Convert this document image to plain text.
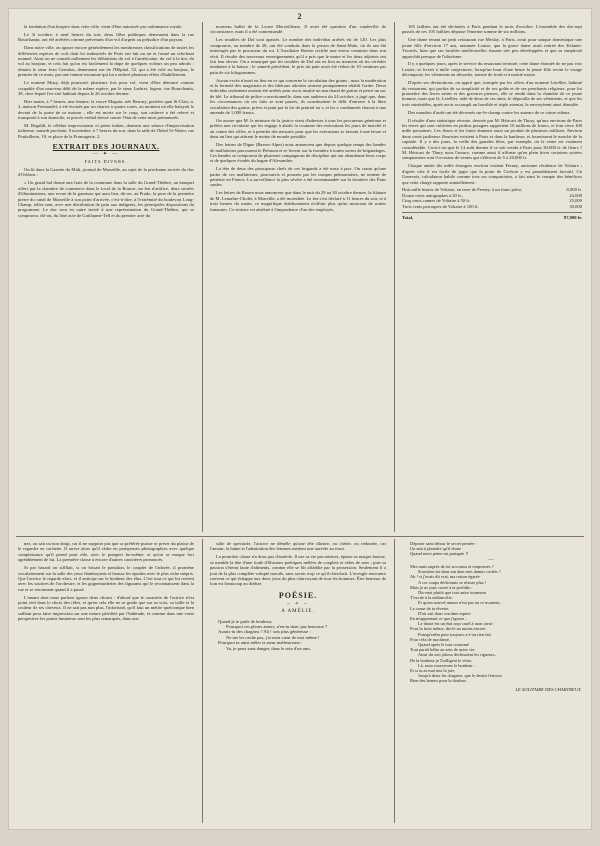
2

la fondation d'un hospice dans cette ville, vient d'être autorisée par ordonnance royale.

Le 3i octobre, à neuf heures du soir, deux filles publiques demeurant dans la rue Bourchanin, ont été arrêtées comme prévenues d'un vol d'argent au préjudice d'un paysan.

Dans notre ville, on ignore encore généralement les nombreuses classifications de toutes les différentes espèces de vols dont les industriels de Paris ont fait un art et formé un scholasat manuel. Ainsi on ne connaît nullement les définitions du vol à l'américaine, du vol à la tire, du vol au bonjour, et cela fait qu'on est facilement la dupe de quelques voleurs un peu adroits : témoin le sieur Jean Grandon, demeurant rue de l'Hôpital, 52, qui a été volé au bonjour, le premier de ce mois, par une femme inconnue qui lui a enlevé plusieurs effets d'habillement.

Le nommé Muzy, déjà poursuivi plusieurs fois pour vol, vient d'être dénoncé comme coupable d'un nouveau délit de la même espèce, par le sieur Larbret, logeur, rue Bourchanin, 28, chez lequel l'ex-cité habitait depuis le 26 octobre dernier.

Hier matin, à 7 heures, une femme, la veuve Magnin, née Berrary, portière quai St-Clair, n. 2, maison Fermaudel, a été écrasée par un chariot à quatre roues, au moment où elle balayait le devant de la porte de sa maison ; elle est morte sur le coup, son cadavre a été relevé et transporté à son domicile, et procès-verbal dressé contre l'état de cette mort prématurée.

M. Regaldi, le célèbre improvisateur et poète italien, donnera une séance d'improvisation italienne, samedi prochain, 9 novembre, à 7 heures du soir, dans la salle de l'hôtel St-Nizier, rue Poulaillerie, 19, et place de la Fromagerie, 2.

EXTRAIT DES JOURNAUX.
— ✦ —
FAITS DIVERS.

On lit dans la Gazette du Midi, journal de Marseille, au sujet de la prochaine arrivée du duc d'Orléans :

« Un grand bal donné aux frais de la commune dans la salle du Grand-Théâtre, un banquet offert par la chambre de commerce dans le local de la Bourse, un feu d'artifice, deux soirées d'illuminations, une revue de la garnison qui aura lieu, dit-on, au Prado, la pose de la première pierre du canal de Marseille à son point d'arrivée, c'est-à-dire, à l'extrémité du boulevart Long-Champ, telles sont, avec une distribution de pain aux indigents, les principales dispositions du programme. Le duc sera en outre invité à une représentation du Grand-Théâtre, qui se composera, dit-on, du 3me acte de Guillaume-Tell et du premier acte du

nouveau ballet de la Louve Merveilleuse. Il avait été question d'un vaudeville de circonstance, mais il a été contremandé.

Les troubles de Dol sont apaisés. Le nombre des individus arrêtés est de 120. Les plus compromis, au nombre de 28, ont été conduits dans la prison de Saint-Malo, où ils ont été interrogés par le procureur du roi. L'Auxiliaire Breton rectifie une erreur commise dans son récit. Il résulte des nouveaux renseignements qu'il a pris que le maire et les deux adjoints ont fait leur devoir. On a remarqué que les troubles de Dol ont eu lieu au moment où les céréales tendaient à la baisse ; le samedi précédent, le prix du pain avait été réduit de 10 centimes par pain de six kilogrammes.

Aucun excès n'avait eu lieu en ce qui concerne la circulation des grains ; mais la modération et la fermeté des magistrats et des libéraux adroites avaient promptement rétabli l'ordre. Deux individus seulement avaient été arrêtés pour avoir insulté un marchand de grains et percé un sac de blé. Le tribunal de police correctionnelle, dans son audience du 24 octobre, a jugé que, dans les circonstances où ces faits se sont passés, ils constituaient le délit d'entrave à la libre circulation des grains, prévu et puni par la loi de prairial an v, et les a condamnés chacun à une amende de 1,000 francs.

On assure que M. le ministre de la justice vient d'adresser à tous les procureurs généraux et préfets une circulaire qui les engage à abolir la coutume des exécutions les jours de marché et au centre des villes, et à prendre des mesures pour que les exécutions se fassent à une heure et dans un lieu qui attirent le moins de monde possible.

Des lettres de Digne (Basses-Alpes) nous annoncent que depuis quelque temps des bandes de malfaiteurs parcourent le Piémont et se livrent sur la frontière à toutes sortes de brigandages. Ces bandes se composent de plusieurs compagnons de discipline qui ont abandonné leurs corps et de quelques évadés du bagne d'Alexandrie.

La tête de deux des principaux chefs de ces brigands a été mise à prix. On craint qu'une partie de ces malfaiteurs, poursuivis et poussés par les troupes piémontaises, ne tentent de pénétrer en France. La surveillance la plus sévère a été recommandée sur la frontière des États sardes.

Les lettres de Rouen nous annoncent que dans la nuit du 29 au 30 octobre dernier, la filature de M. Lemaître-Cholet, à Monville, a été incendiée. Le feu s'est déclaré à 11 heures du soir, et à trois heures du matin, ce magnifique établissement n'offrait plus qu'un monceau de ruines fumantes. Ce sinistre est attribué à l'imprudence d'un des employés.

105 faillites ont été déclarées à Paris pendant le mois d'octobre. L'ensemble des dix-sept passifs de ces 105 faillites dépasse l'énorme somme de six millions.

Une dame tenant un petit restaurant rue Meslay, à Paris, avait pour unique domestique une jeune fille d'environ 17 ans, nommée Louise, que la grave dame avait retirée des Enfants-Trouvés, bien que ses facultés intellectuelles fussent très peu développées et que sa simplicité approchât presque de l'idiotisme.

Il y a quelques jours, après le service du restaurant terminé, cette dame étonnée de ne pas voir Louise, se livrait à mille conjectures, lorsqu'un bout d'une heure la jeune fille revint le visage décomposé, les vêtements en désordre, transie de froid et à moitié morte.

D'après ses déclarations, on apprit que, trompée par les offres d'un nommé Letellier, habitué du restaurant, qui profita de sa simplicité et de ses goûts et de ses penchants religieux, pour lui promettre des livres saints et des gravures pieuses, elle se rendit dans la chambre de ce jeune homme, mais que là, Letellier, aidé de deux de ses amis, le dépouilla de ses vêtements, et que les trois misérables, après avoir accompli un horrible et triple attentat, la renvoyèrent ainsi dénudée.

Des mandats d'arrêt ont été décernés sur-le-champ contre les auteurs de ce crime odieux.

Il résulte d'une statistique récente, dressée par M. Héricart de Thury, qu'aux environs de Paris les terres qui sont cultivées en jardins potagers rapportent 10 millions de francs, et font vivre 100 mille personnes. Les fleurs et les fruits donnent aussi un produit de plusieurs millions. Environ deux cents jardiniers fleuristes existent à Paris et dans la banlieue, et fournissent le marché de la capitale. Il y a des jours, la veille des grandes fêtes, par exemple, où la vente est vraiment considérable. Crois-t-on que le 14 août dernier il se soit vendu à Paris pour 30,000 fr. de fleurs ? M. Héricart de Thury nous l'assure, comme aussi il affirme qu'en plein hiver certaines soirées somptueuses sont l'occasion de ventes qui s'élèvent de 5 à 20,000 fr.

Chaque année dix mille étrangers environ visitent Ferney, ancienne résidence de Voltaire ; d'après cela il est facile de juger que la porte de Cicéron y est passablement lucratif. Un Genevois, calculateur habile comme tous ses compatriotes, a fait ainsi le compte des bénéfices que cette charge rapporte annuellement :

Huit mille bustes de Voltaire, en terre de Ferney, à un franc pièce,	8,000 fr.
Douze cents autographes à 20 fr.,	24,000
Cinq cents cannes de Voltaire à 50 fr.	25,000
Trois cents perruques de Voltaire à 100 fr.	30,000
Total,	87,000 fr.

nez, on sait ou non doigt, car il ne suppose pas que sa préférée puisse se priver du plaisir de le regarder en cachette. Il arrive alors qu'il cèdre en pompeuses photographies avec quelque complaisance qu'il prend pour elle, avec le pompier lui-même, et qu'on se moque fort agréablement de lui. La première classe a encore d'autres caractères prononcés.

Si par hasard on siffllait, si on brisait le pantalon, le couplet de l'adorée, il promène circulairement sur la salle des yeux flamboyants et hausse les épaules avec le plus riche mépris. Que l'actrice le regarde alors, et il anticipe sur le bonheur des élus. C'est tout ce qui lui revient avec les sourires de l'orchestre, et les gognenarderies des figurants qui le reconnaissent dans la rue et se retournent quand il a passé.

L'amant dont nous parlons ignore deux choses : d'abord que le caractère de l'actrice n'est point réel dans le choix des rôles, et qu'en cela elle ne se guide que sur sa voix, sa taille et la couleur de ses cheveux. Il ne sait pas non plus, l'infortuné, qu'il faut un mérite quelconque bien saillant pour faire impression sur une nature pétrifiée par l'habitude, et comme dans une vaste perspective les points lumineux sont les plus remarqués, dans une

salle de spectacle, l'actrice ne démêle qu'une tête illustre, ou chérie, ou redoutée, car l'amour, la haine et l'admiration des femmes mettent une auréole au front.

La première classe n'a donc pas d'auréole. Il use sa vie par misères, épuise sa maigre bourse, se meuble la tête d'une foule d'illusions poétiques mêlées de couplets et vides de sens ; puis sa passion s'éteint faute d'aliments, comme elle se fût affaiblie par la possession. Seulement il a joui de la plus complète volupté morale, sans savoir trop ce qu'il cherchait. L'aveugle rencontre souvent ce qui échappe aux deux yeux du plus clairvoyant de tous les hommes. Être heureux de loin est beaucoup au théâtre.

POÉSIE.
~ ✧ ~
A AMÉLIE.
Quand je te parle de bonheur,
Pourquoi ces pleurs amers, n'en-tu donc pas heureuse ?
Aurais-tu des chagrins ? Ah ! sois plus généreuse :
Ne me les cache pas, j'ai mon cœur de moi même !
Pourquoi tu ainsi mêler ta sœur malheureuse :
Va, je peux sans danger, dans le sein d'un ami,
Déposer sans détour le secret pensée :
Un ami à plaindre qu'il doute
Quand notre peine est partagée !!
—
Mes amis auprès de toi accourus et empressés ?
Souviens-toi dans ton âme mes dames cachés ?
Ah ! si j'avais dit vrai, ma raison égarée
A ces coups déchirants se résiste plus !
Mais je ne puis croire à ta perfidie :
Dis-moi plutôt que tout autre tourment
T'excite à la mélancolie,
Et qu'un nouvel amour n'est pas en ce moment,
La cause de ta rêverie.
D'où sait donc ton âme espère
En m'apprenant ce que j'ignore ;
Le doute est un état trop cruel à mon cœur :
Pour la fuite même, dis-le au moins encore.
Puisqu'enfin pour toujours a-t-on rien fait
Pour cela de ma dame,
Quand après le tout consumé
Tout paraît hélas au sein de notre vie.
Ainsi du sort jaloux déclinaient les rigueurs,
De la bonheur je l'infligeai le vôtre,
Là, nous trouverons le bonheur :
Et si tu as mal mis la joie,
Jusqu'à deux les chagrins, que le destin t'envoie,
Bien des larmes pour la douleur.
LE SOLITAIRE DES CHARTREUX.
